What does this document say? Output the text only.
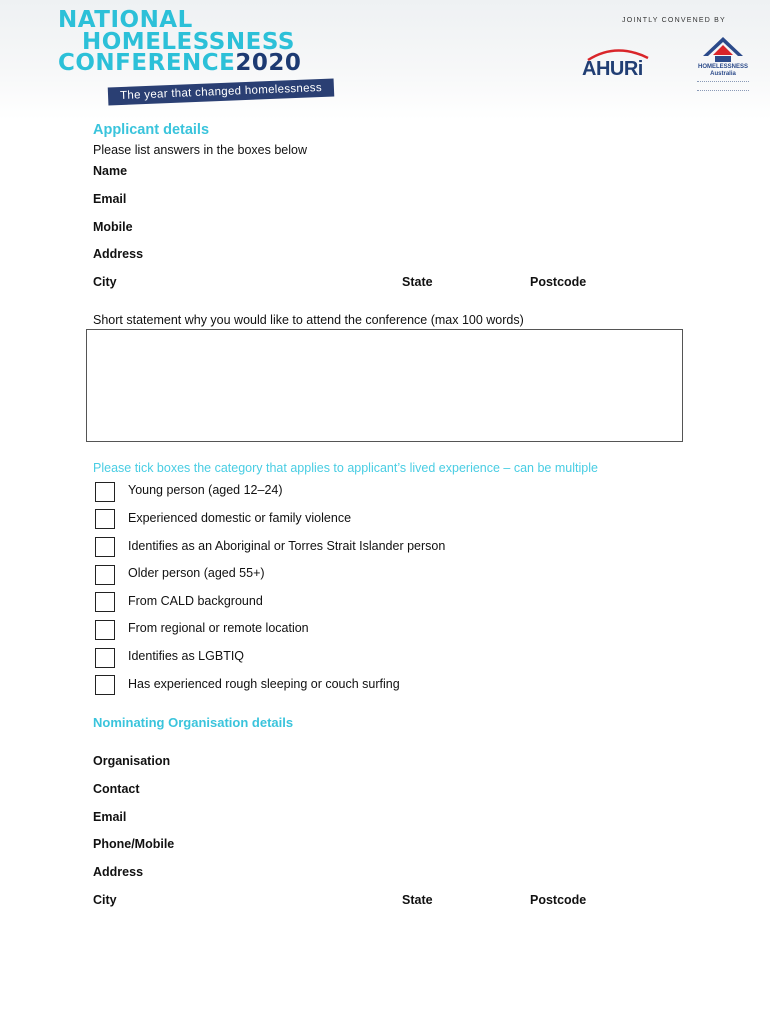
NATIONAL
HOMELESSNESS
CONFERENCE2020
The year that changed homelessness
JOINTLY CONVENED BY
AHURi	HOMELESSNESS Australia
Applicant details
Please list answers in the boxes below
Name
Email
Mobile
Address
City	State	Postcode
Short statement why you would like to attend the conference (max 100 words)
Please tick boxes the category that applies to applicant’s lived experience – can be multiple
Young person (aged 12–24)
Experienced domestic or family violence
Identifies as an Aboriginal or Torres Strait Islander person
Older person (aged 55+)
From CALD background
From regional or remote location
Identifies as LGBTIQ
Has experienced rough sleeping or couch surfing
Nominating Organisation details
Organisation
Contact
Email
Phone/Mobile
Address
City	State	Postcode
